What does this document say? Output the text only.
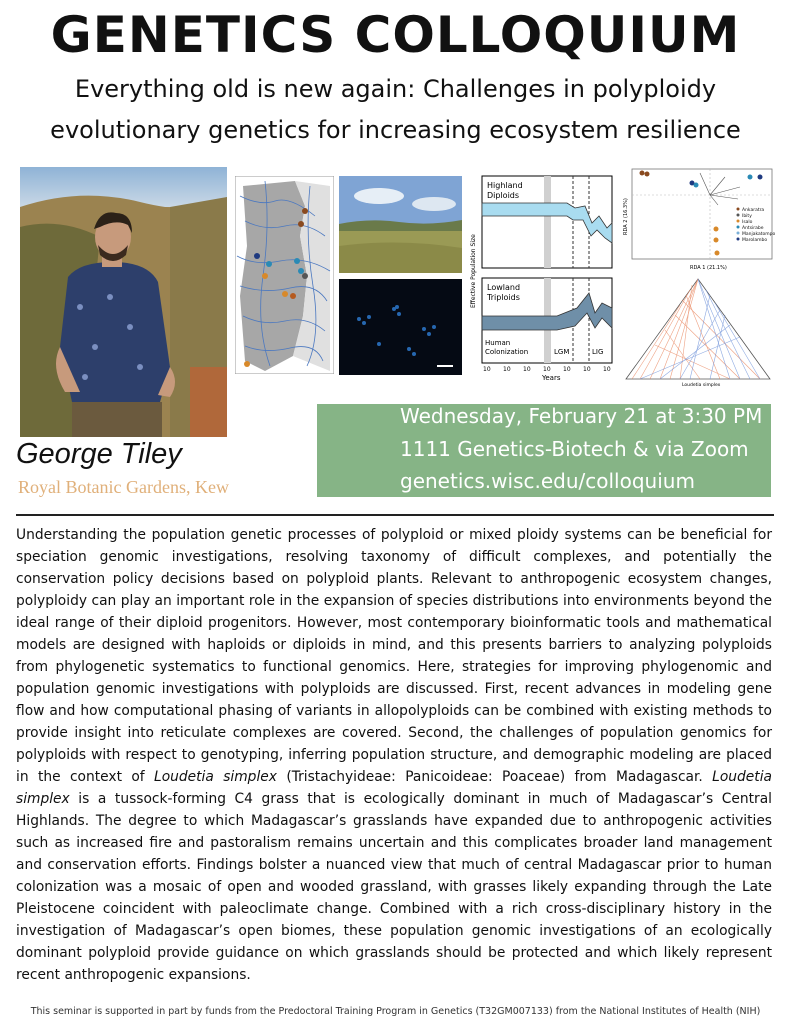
GENETICS COLLOQUIUM
Everything old is new again: Challenges in polyploidy
evolutionary genetics for increasing ecosystem resilience
Highland
Diploids
Lowland
Triploids
Human
Colonization	LGM	LIG
Effective Population Size
Years
10 10 10 10 10 10 10
Ankaratra
Ibity
Isalo
Antsirabe
Manjakatompo
Marolambo
RDA 1 (21.1%)
RDA 2 (16.3%)
Loudetia simplex
George Tiley
Royal Botanic Gardens, Kew
Wednesday, February 21 at 3:30 PM
1111 Genetics-Biotech & via Zoom
genetics.wisc.edu/colloquium
Understanding the population genetic processes of polyploid or mixed ploidy systems can be beneficial for speciation genomic investigations, resolving taxonomy of difficult complexes, and potentially the conservation policy decisions based on polyploid plants. Relevant to anthropogenic ecosystem changes, polyploidy can play an important role in the expansion of species distributions into environments beyond the ideal range of their diploid progenitors. However, most contemporary bioinformatic tools and mathematical models are designed with haploids or diploids in mind, and this presents barriers to analyzing polyploids from phylogenetic systematics to functional genomics. Here, strategies for improving phylogenomic and population genomic investigations with polyploids are discussed. First, recent advances in modeling gene flow and how computational phasing of variants in allopolyploids can be combined with existing methods to provide insight into reticulate complexes are covered. Second, the challenges of population genomics for polyploids with respect to genotyping, inferring population structure, and demographic modeling are placed in the context of Loudetia simplex (Tristachyideae: Panicoideae: Poaceae) from Madagascar. Loudetia simplex is a tussock-forming C4 grass that is ecologically dominant in much of Madagascar’s Central Highlands. The degree to which Madagascar’s grasslands have expanded due to anthropogenic activities such as increased fire and pastoralism remains uncertain and this complicates broader land management and conservation efforts. Findings bolster a nuanced view that much of central Madagascar prior to human colonization was a mosaic of open and wooded grassland, with grasses likely expanding through the Late Pleistocene coincident with paleoclimate change. Combined with a rich cross-disciplinary history in the investigation of Madagascar’s open biomes, these population genomic investigations of an ecologically dominant polyploid provide guidance on which grasslands should be protected and which likely represent recent anthropogenic expansions.
This seminar is supported in part by funds from the Predoctoral Training Program in Genetics (T32GM007133) from the National Institutes of Health (NIH)
